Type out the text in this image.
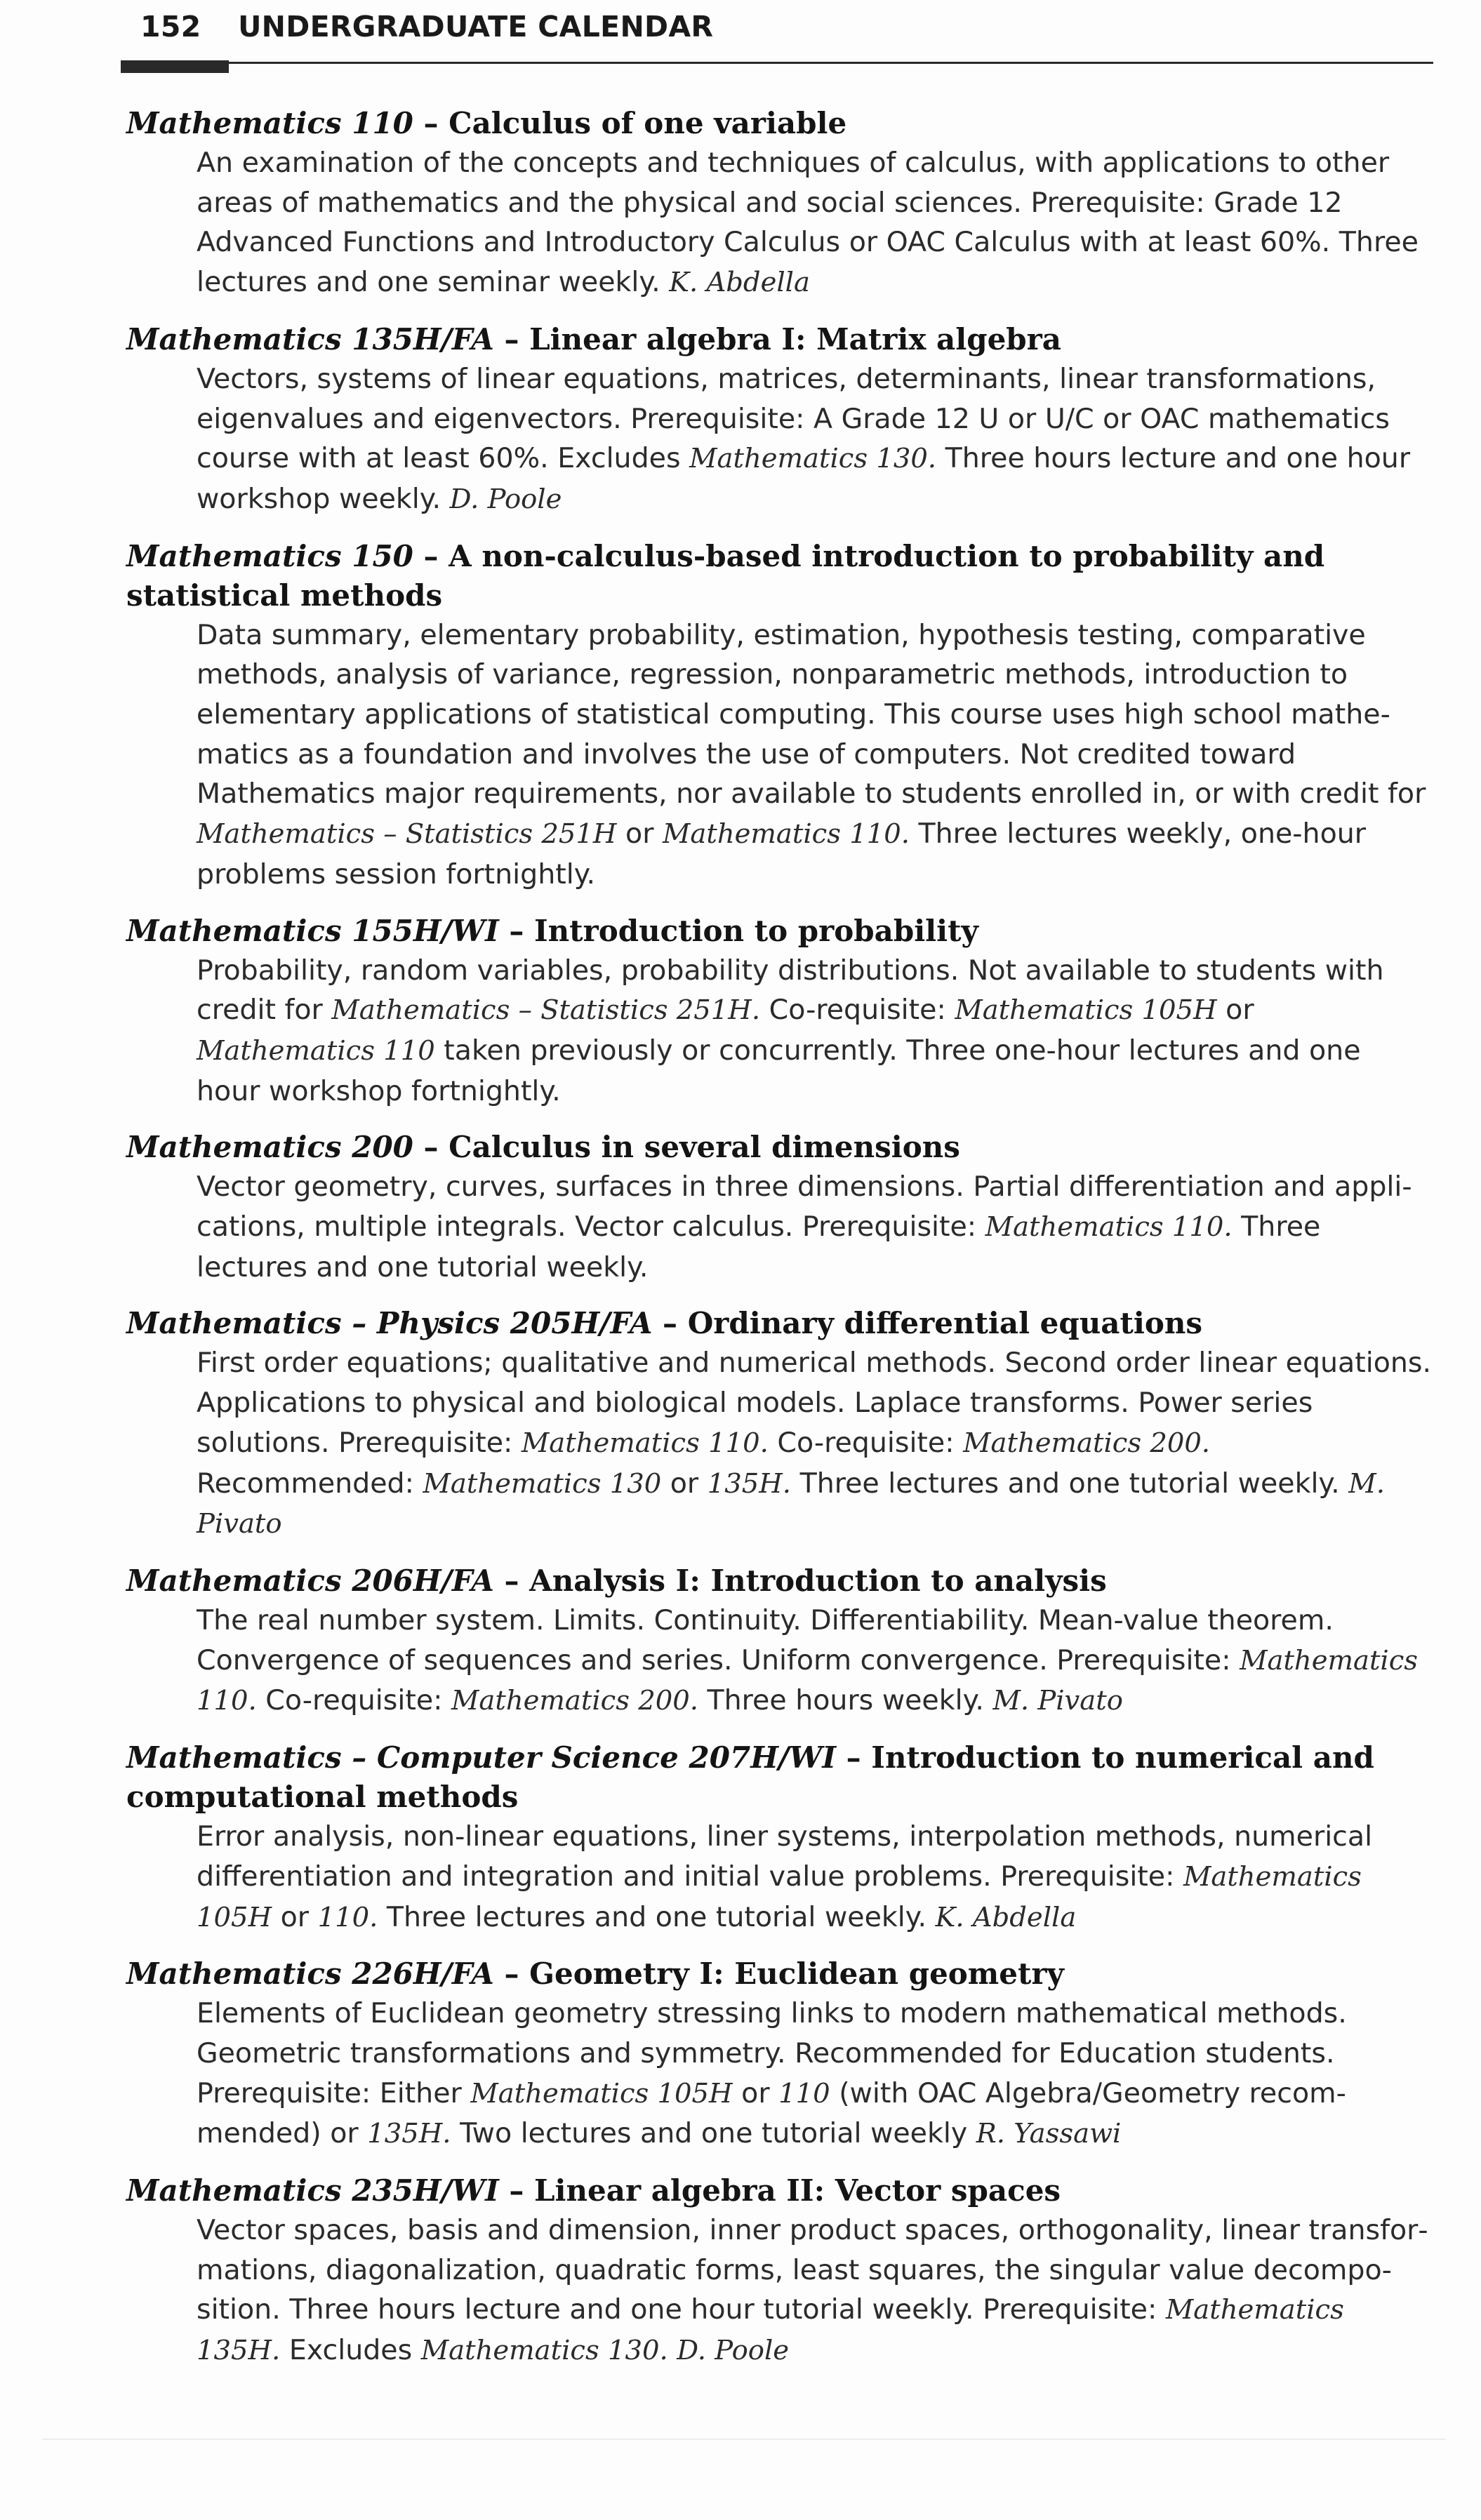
152 UNDERGRADUATE CALENDAR
Mathematics 110 – Calculus of one variable
An examination of the concepts and techniques of calculus, with applications to other areas of mathematics and the physical and social sciences. Prerequisite: Grade 12 Advanced Functions and Introductory Calculus or OAC Calculus with at least 60%. Three lectures and one seminar weekly. K. Abdella
Mathematics 135H/FA – Linear algebra I: Matrix algebra
Vectors, systems of linear equations, matrices, determinants, linear transformations, eigenvalues and eigenvectors. Prerequisite: A Grade 12 U or U/C or OAC mathematics course with at least 60%. Excludes Mathematics 130. Three hours lecture and one hour workshop weekly. D. Poole
Mathematics 150 – A non-calculus-based introduction to probability and statistical methods
Data summary, elementary probability, estimation, hypothesis testing, comparative methods, analysis of variance, regression, nonparametric methods, introduction to elementary applications of statistical computing. This course uses high school mathematics as a foundation and involves the use of computers. Not credited toward Mathematics major requirements, nor available to students enrolled in, or with credit for Mathematics – Statistics 251H or Mathematics 110. Three lectures weekly, one-hour problems session fortnightly.
Mathematics 155H/WI – Introduction to probability
Probability, random variables, probability distributions. Not available to students with credit for Mathematics – Statistics 251H. Co-requisite: Mathematics 105H or Mathematics 110 taken previously or concurrently. Three one-hour lectures and one hour workshop fortnightly.
Mathematics 200 – Calculus in several dimensions
Vector geometry, curves, surfaces in three dimensions. Partial differentiation and applications, multiple integrals. Vector calculus. Prerequisite: Mathematics 110. Three lectures and one tutorial weekly.
Mathematics – Physics 205H/FA – Ordinary differential equations
First order equations; qualitative and numerical methods. Second order linear equations. Applications to physical and biological models. Laplace transforms. Power series solutions. Prerequisite: Mathematics 110. Co-requisite: Mathematics 200. Recommended: Mathematics 130 or 135H. Three lectures and one tutorial weekly. M. Pivato
Mathematics 206H/FA – Analysis I: Introduction to analysis
The real number system. Limits. Continuity. Differentiability. Mean-value theorem. Convergence of sequences and series. Uniform convergence. Prerequisite: Mathematics 110. Co-requisite: Mathematics 200. Three hours weekly. M. Pivato
Mathematics – Computer Science 207H/WI – Introduction to numerical and computational methods
Error analysis, non-linear equations, liner systems, interpolation methods, numerical differentiation and integration and initial value problems. Prerequisite: Mathematics 105H or 110. Three lectures and one tutorial weekly. K. Abdella
Mathematics 226H/FA – Geometry I: Euclidean geometry
Elements of Euclidean geometry stressing links to modern mathematical methods. Geometric transformations and symmetry. Recommended for Education students. Prerequisite: Either Mathematics 105H or 110 (with OAC Algebra/Geometry recommended) or 135H. Two lectures and one tutorial weekly R. Yassawi
Mathematics 235H/WI – Linear algebra II: Vector spaces
Vector spaces, basis and dimension, inner product spaces, orthogonality, linear transformations, diagonalization, quadratic forms, least squares, the singular value decomposition. Three hours lecture and one hour tutorial weekly. Prerequisite: Mathematics 135H. Excludes Mathematics 130. D. Poole
